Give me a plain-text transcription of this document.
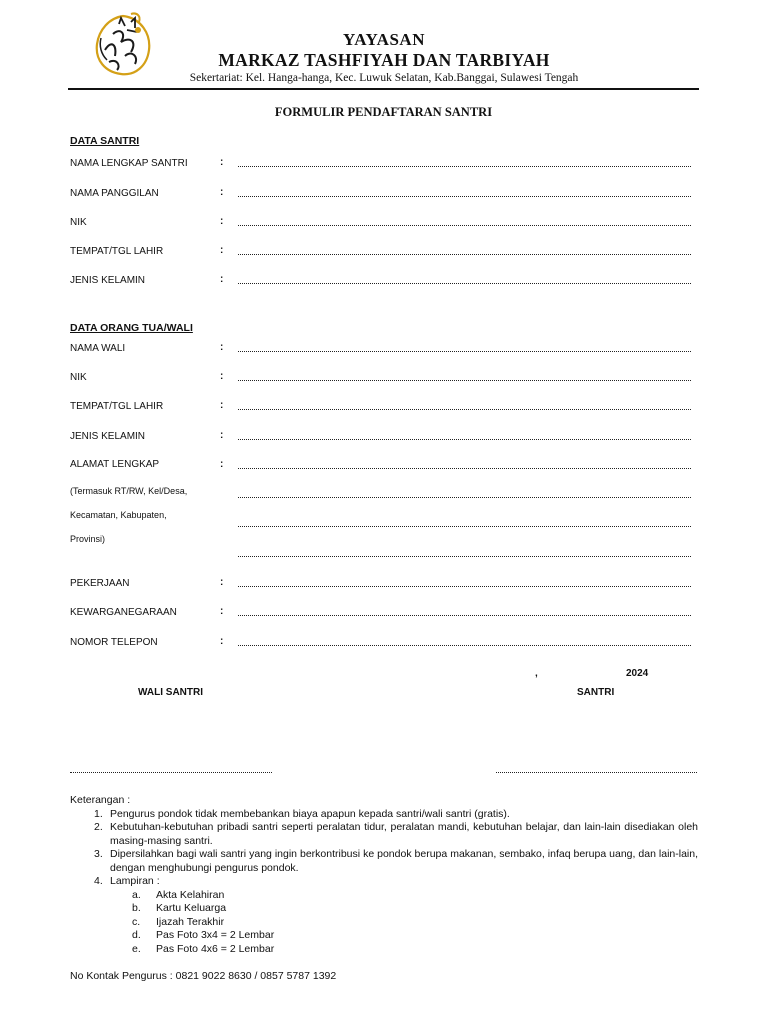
YAYASAN
MARKAZ TASHFIYAH DAN TARBIYAH
Sekertariat: Kel. Hanga-hanga, Kec. Luwuk Selatan, Kab.Banggai, Sulawesi Tengah
FORMULIR PENDAFTARAN SANTRI
DATA SANTRI
NAMA LENGKAP SANTRI	:
NAMA PANGGILAN	:
NIK	:
TEMPAT/TGL LAHIR	:
JENIS KELAMIN	:
DATA ORANG TUA/WALI
NAMA WALI	:
NIK	:
TEMPAT/TGL LAHIR	:
JENIS KELAMIN	:
ALAMAT LENGKAP	:
(Termasuk RT/RW, Kel/Desa,
Kecamatan, Kabupaten,
Provinsi)
PEKERJAAN	:
KEWARGANEGARAAN	:
NOMOR TELEPON	:
,	2024
WALI SANTRI	SANTRI
Keterangan :
1. Pengurus pondok tidak membebankan biaya apapun kepada santri/wali santri (gratis).
2. Kebutuhan-kebutuhan pribadi santri seperti peralatan tidur, peralatan mandi, kebutuhan belajar, dan lain-lain disediakan oleh masing-masing santri.
3. Dipersilahkan bagi wali santri yang ingin berkontribusi ke pondok berupa makanan, sembako, infaq berupa uang, dan lain-lain, dengan menghubungi pengurus pondok.
4. Lampiran :
a. Akta Kelahiran
b. Kartu Keluarga
c. Ijazah Terakhir
d. Pas Foto 3x4 = 2 Lembar
e. Pas Foto 4x6 = 2 Lembar
No Kontak Pengurus : 0821 9022 8630 / 0857 5787 1392
